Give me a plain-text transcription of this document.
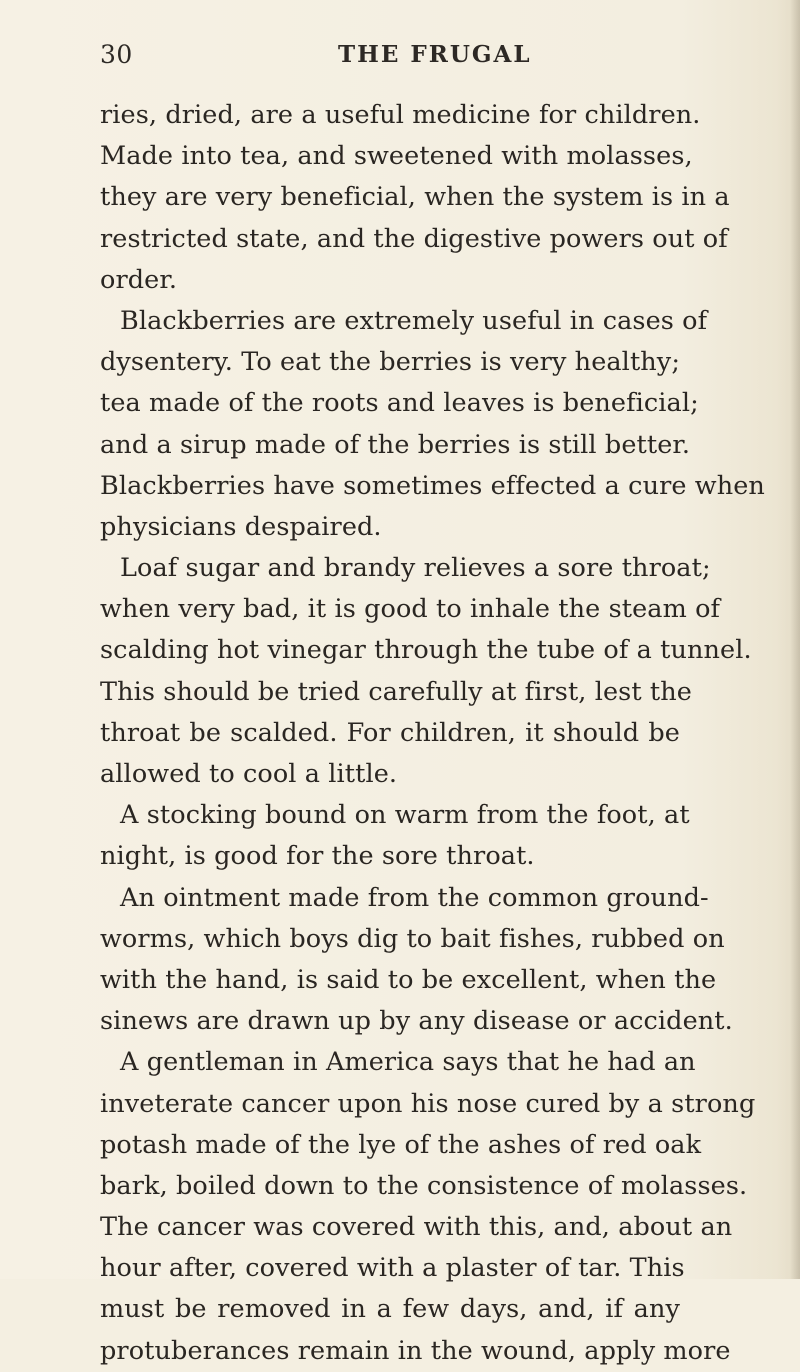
30	THE FRUGAL
ries, dried, are a useful medicine for children.
Made into tea, and sweetened with molasses,
they are very beneficial, when the system is in a
restricted state, and the digestive powers out of
order.
Blackberries are extremely useful in cases of
dysentery. To eat the berries is very healthy;
tea made of the roots and leaves is beneficial;
and a sirup made of the berries is still better.
Blackberries have sometimes effected a cure when
physicians despaired.
Loaf sugar and brandy relieves a sore throat;
when very bad, it is good to inhale the steam of
scalding hot vinegar through the tube of a tunnel.
This should be tried carefully at first, lest the
throat be scalded. For children, it should be
allowed to cool a little.
A stocking bound on warm from the foot, at
night, is good for the sore throat.
An ointment made from the common ground-
worms, which boys dig to bait fishes, rubbed on
with the hand, is said to be excellent, when the
sinews are drawn up by any disease or accident.
A gentleman in America says that he had an
inveterate cancer upon his nose cured by a strong
potash made of the lye of the ashes of red oak
bark, boiled down to the consistence of molasses.
The cancer was covered with this, and, about an
hour after, covered with a plaster of tar. This
must be removed in a few days, and, if any
protuberances remain in the wound, apply more
